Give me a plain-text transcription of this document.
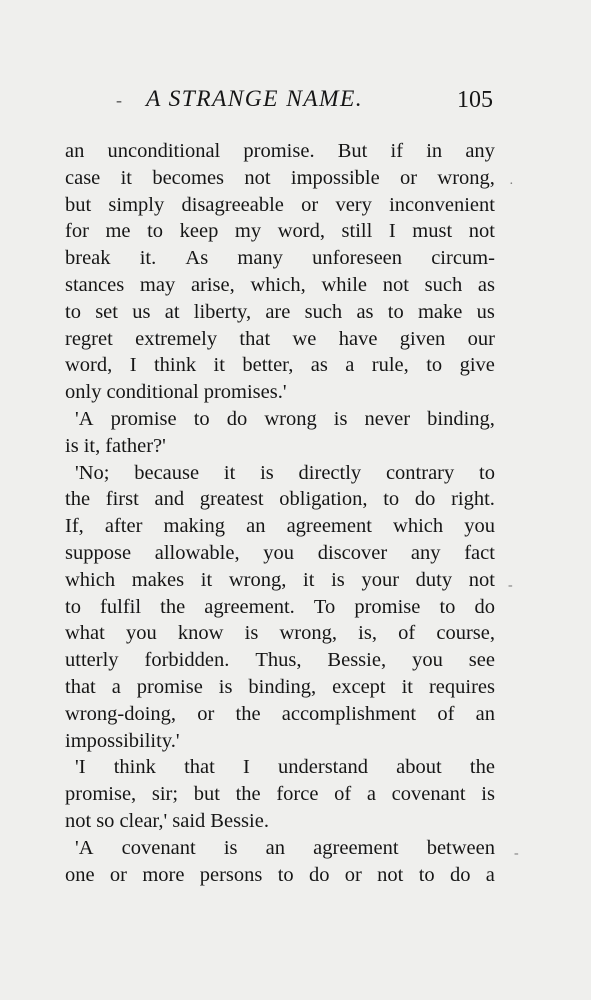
‐ A STRANGE NAME.	105
an unconditional promise. But if in any
case it becomes not impossible or wrong,
but simply disagreeable or very inconvenient
for me to keep my word, still I must not
break it. As many unforeseen circum-
stances may arise, which, while not such as
to set us at liberty, are such as to make us
regret extremely that we have given our
word, I think it better, as a rule, to give
only conditional promises.'
'A promise to do wrong is never binding,
is it, father?'
'No; because it is directly contrary to
the first and greatest obligation, to do right.
If, after making an agreement which you
suppose allowable, you discover any fact
which makes it wrong, it is your duty not
to fulfil the agreement. To promise to do
what you know is wrong, is, of course,
utterly forbidden. Thus, Bessie, you see
that a promise is binding, except it requires
wrong-doing, or the accomplishment of an
impossibility.'
'I think that I understand about the
promise, sir; but the force of a covenant is
not so clear,' said Bessie.
'A covenant is an agreement between
one or more persons to do or not to do a
·
‐
‐
